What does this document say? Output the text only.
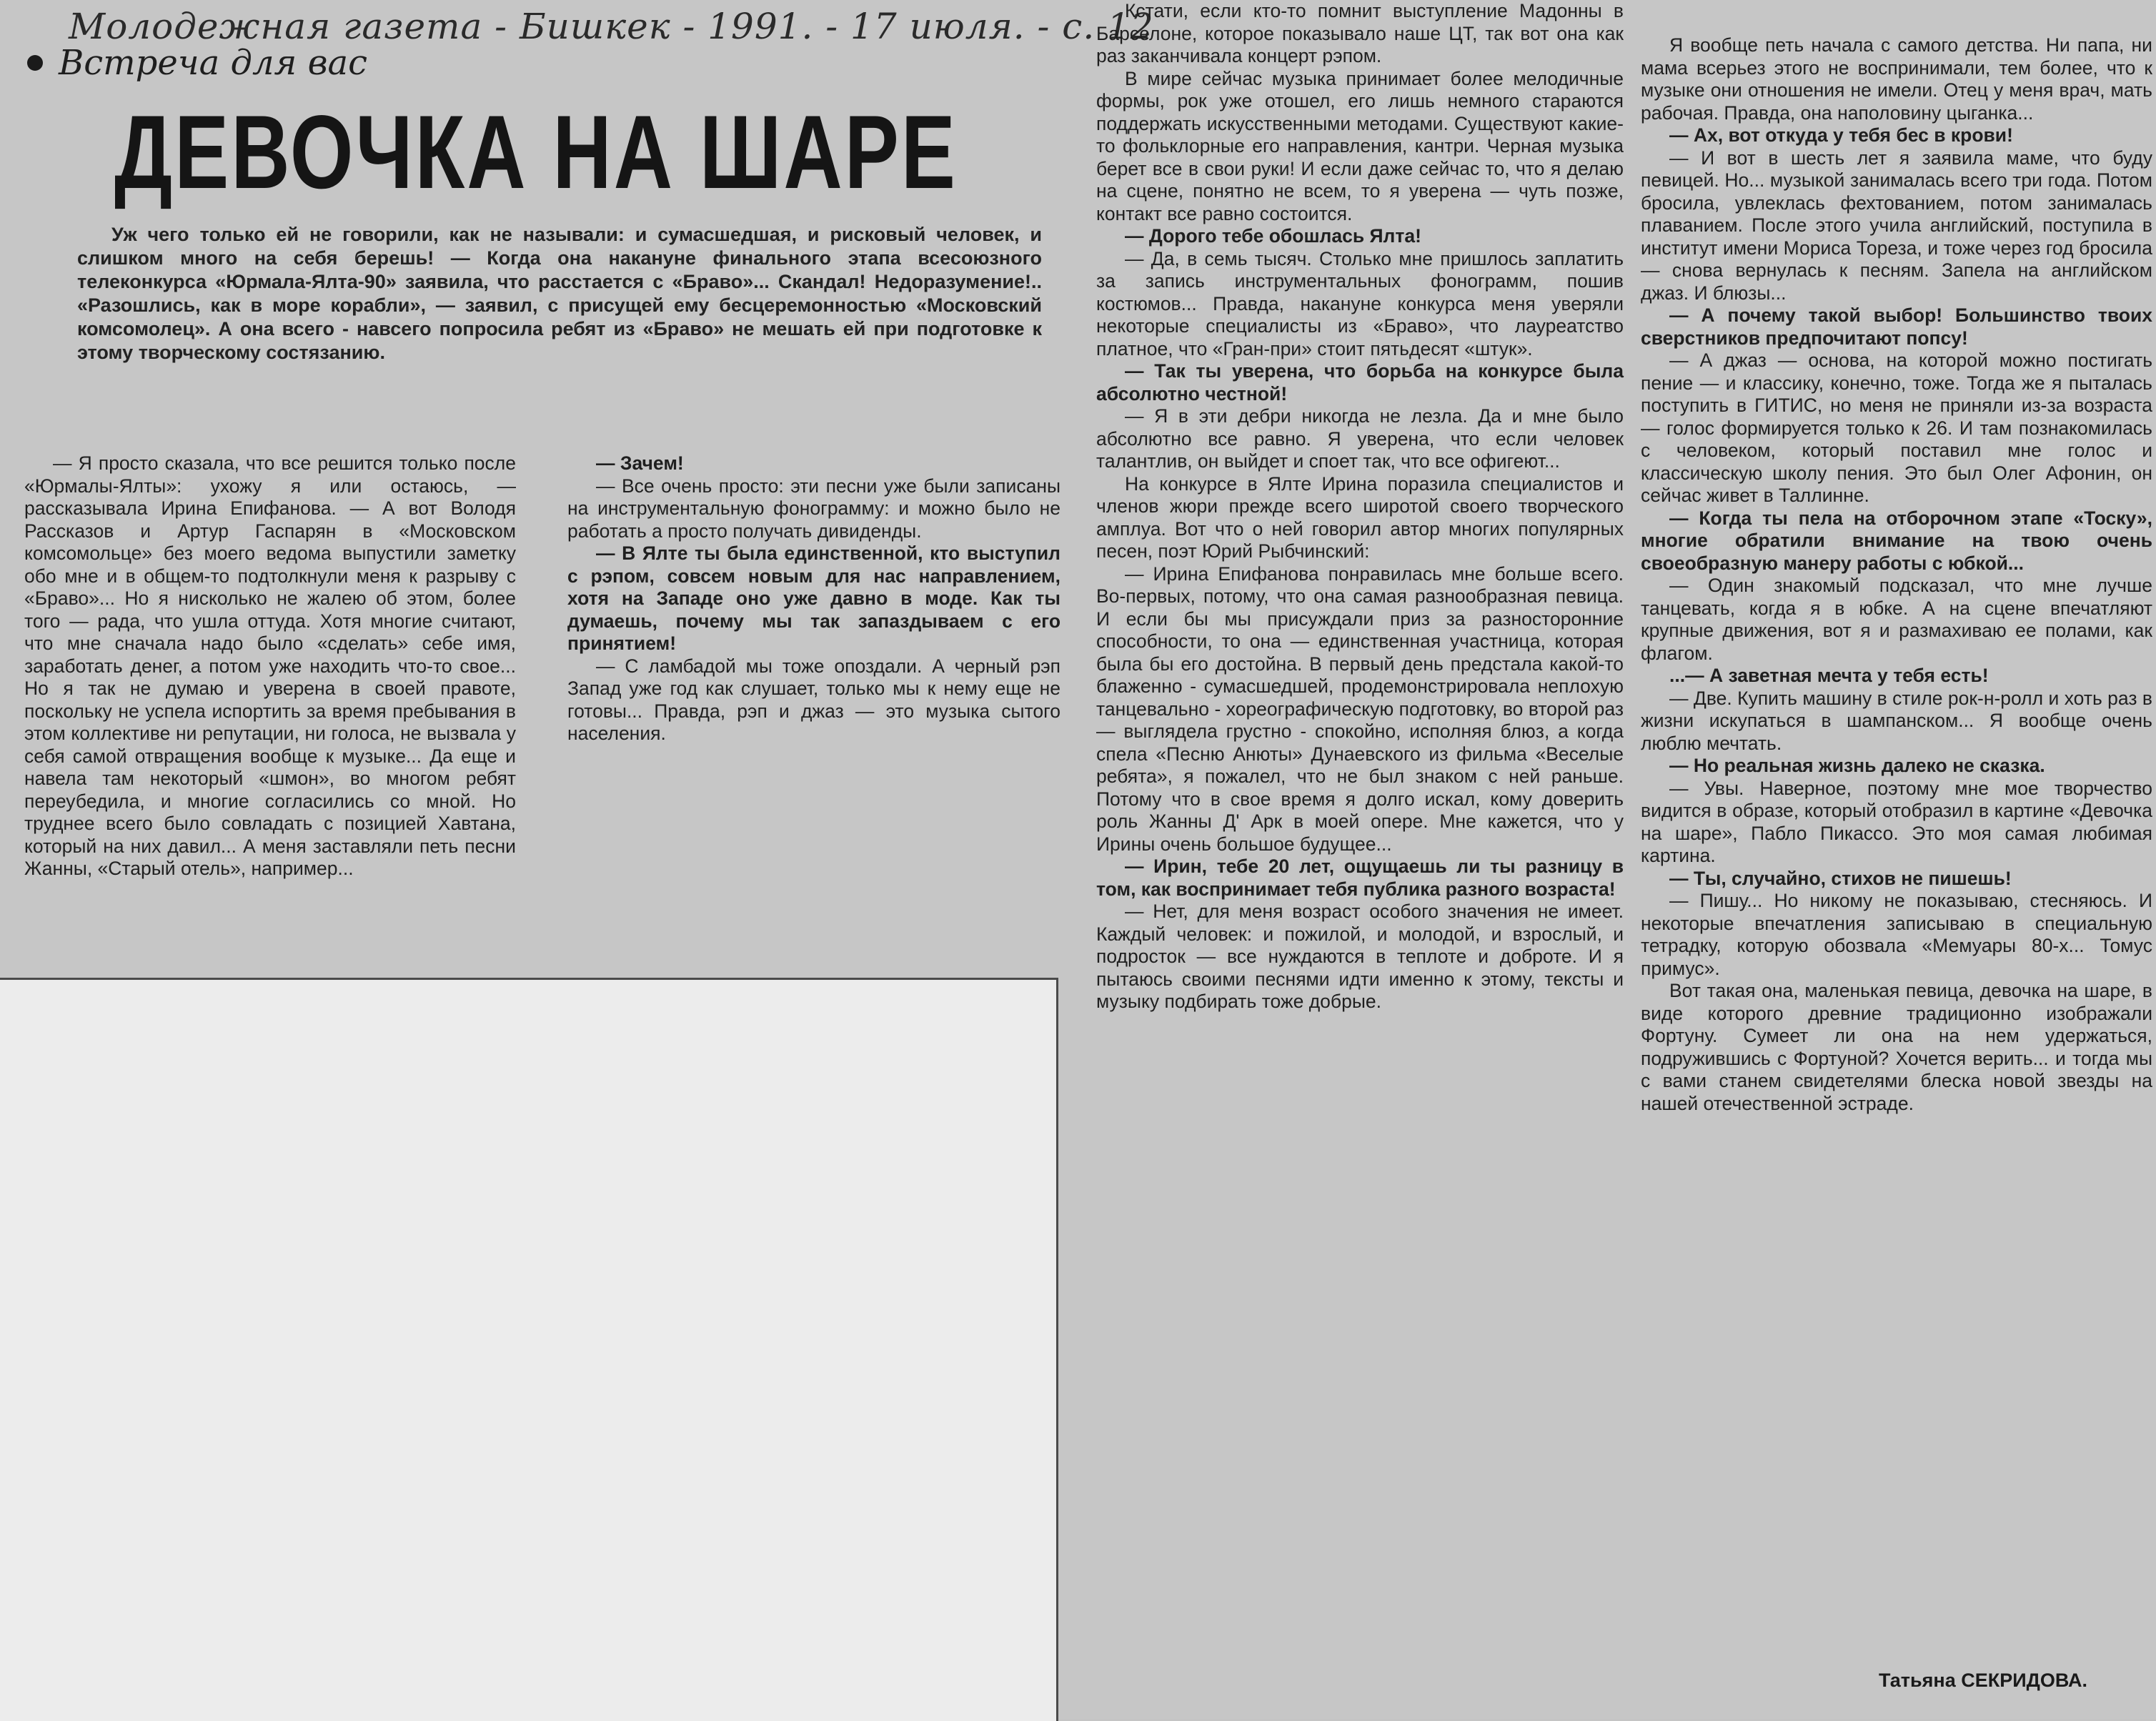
Молодежная газета - Бишкек - 1991. - 17 июля. - с. 12
Встреча для вас
ДЕВОЧКА НА ШАРЕ
Уж чего только ей не говорили, как не называли: и сумасшедшая, и рисковый человек, и слишком много на себя берешь! — Когда она накануне финального этапа всесоюзного телеконкурса «Юрмала-Ялта-90» заявила, что расстается с «Браво»... Скандал! Недоразумение!.. «Разошлись, как в море корабли», — заявил, с присущей ему бесцеремонностью «Московский комсомолец». А она всего - навсего попросила ребят из «Браво» не мешать ей при подготовке к этому творческому состязанию.

— Я просто сказала, что все решится только после «Юрмалы-Ялты»: ухожу я или остаюсь, — рассказывала Ирина Епифанова. — А вот Володя Рассказов и Артур Гаспарян в «Московском комсомольце» без моего ведома выпустили заметку обо мне и в общем-то подтолкнули меня к разрыву с «Браво»... Но я нисколько не жалею об этом, более того — рада, что ушла оттуда. Хотя многие считают, что мне сначала надо было «сделать» себе имя, заработать денег, а потом уже находить что-то свое... Но я так не думаю и уверена в своей правоте, поскольку не успела испортить за время пребывания в этом коллективе ни репутации, ни голоса, не вызвала у себя самой отвращения вообще к музыке... Да еще и навела там некоторый «шмон», во многом ребят переубедила, и многие согласились со мной. Но труднее всего было совладать с позицией Хавтана, который на них давил... А меня заставляли петь песни Жанны, «Старый отель», например...

— Зачем!

— Все очень просто: эти песни уже были записаны на инструментальную фонограмму: и можно было не работать а просто получать дивиденды.

— В Ялте ты была единственной, кто выступил с рэпом, совсем новым для нас направлением, хотя на Западе оно уже давно в моде. Как ты думаешь, почему мы так запаздываем с его принятием!

— С ламбадой мы тоже опоздали. А черный рэп Запад уже год как слушает, только мы к нему еще не готовы... Правда, рэп и джаз — это музыка сытого населения.

Кстати, если кто-то помнит выступление Мадонны в Барселоне, которое показывало наше ЦТ, так вот она как раз заканчивала концерт рэпом.

В мире сейчас музыка принимает более мелодичные формы, рок уже отошел, его лишь немного стараются поддержать искусственными методами. Существуют какие-то фольклорные его направления, кантри. Черная музыка берет все в свои руки! И если даже сейчас то, что я делаю на сцене, понятно не всем, то я уверена — чуть позже, контакт все равно состоится.

— Дорого тебе обошлась Ялта!

— Да, в семь тысяч. Столько мне пришлось заплатить за запись инструментальных фонограмм, пошив костюмов... Правда, накануне конкурса меня уверяли некоторые специалисты из «Браво», что лауреатство платное, что «Гран-при» стоит пятьдесят «штук».

— Так ты уверена, что борьба на конкурсе была абсолютно честной!

— Я в эти дебри никогда не лезла. Да и мне было абсолютно все равно. Я уверена, что если человек талантлив, он выйдет и споет так, что все офигеют...

На конкурсе в Ялте Ирина поразила специалистов и членов жюри прежде всего широтой своего творческого амплуа. Вот что о ней говорил автор многих популярных песен, поэт Юрий Рыбчинский:

— Ирина Епифанова понравилась мне больше всего. Во-первых, потому, что она самая разнообразная певица. И если бы мы присуждали приз за разносторонние способности, то она — единственная участница, которая была бы его достойна. В первый день предстала какой-то блаженно - сумасшедшей, продемонстрировала неплохую танцевально - хореографическую подготовку, во второй раз — выглядела грустно - спокойно, исполняя блюз, а когда спела «Песню Анюты» Дунаевского из фильма «Веселые ребята», я пожалел, что не был знаком с ней раньше. Потому что в свое время я долго искал, кому доверить роль Жанны Д' Арк в моей опере. Мне кажется, что у Ирины очень большое будущее...

— Ирин, тебе 20 лет, ощущаешь ли ты разницу в том, как воспринимает тебя публика разного возраста!

— Нет, для меня возраст особого значения не имеет. Каждый человек: и пожилой, и молодой, и взрослый, и подросток — все нуждаются в теплоте и доброте. И я пытаюсь своими песнями идти именно к этому, тексты и музыку подбирать тоже добрые.

Я вообще петь начала с самого детства. Ни папа, ни мама всерьез этого не воспринимали, тем более, что к музыке они отношения не имели. Отец у меня врач, мать рабочая. Правда, она наполовину цыганка...

— Ах, вот откуда у тебя бес в крови!

— И вот в шесть лет я заявила маме, что буду певицей. Но... музыкой занималась всего три года. Потом бросила, увлеклась фехтованием, потом занималась плаванием. После этого учила английский, поступила в институт имени Мориса Тореза, и тоже через год бросила — снова вернулась к песням. Запела на английском джаз. И блюзы...

— А почему такой выбор! Большинство твоих сверстников предпочитают попсу!

— А джаз — основа, на которой можно постигать пение — и классику, конечно, тоже. Тогда же я пыталась поступить в ГИТИС, но меня не приняли из-за возраста — голос формируется только к 26. И там познакомилась с человеком, который поставил мне голос и классическую школу пения. Это был Олег Афонин, он сейчас живет в Таллинне.

— Когда ты пела на отборочном этапе «Тоску», многие обратили внимание на твою очень своеобразную манеру работы с юбкой...

— Один знакомый подсказал, что мне лучше танцевать, когда я в юбке. А на сцене впечатляют крупные движения, вот я и размахиваю ее полами, как флагом.

...— А заветная мечта у тебя есть!

— Две. Купить машину в стиле рок-н-ролл и хоть раз в жизни искупаться в шампанском... Я вообще очень люблю мечтать.

— Но реальная жизнь далеко не сказка.

— Увы. Наверное, поэтому мне мое творчество видится в образе, который отобразил в картине «Девочка на шаре», Пабло Пикассо. Это моя самая любимая картина.

— Ты, случайно, стихов не пишешь!

— Пишу... Но никому не показываю, стесняюсь. И некоторые впечатления записываю в специальную тетрадку, которую обозвала «Мемуары 80-х... Томус примус».

Вот такая она, маленькая певица, девочка на шаре, в виде которого древние традиционно изображали Фортуну. Сумеет ли она на нем удержаться, подружившись с Фортуной? Хочется верить... и тогда мы с вами станем свидетелями блеска новой звезды на нашей отечественной эстраде.

Татьяна СЕКРИДОВА.
